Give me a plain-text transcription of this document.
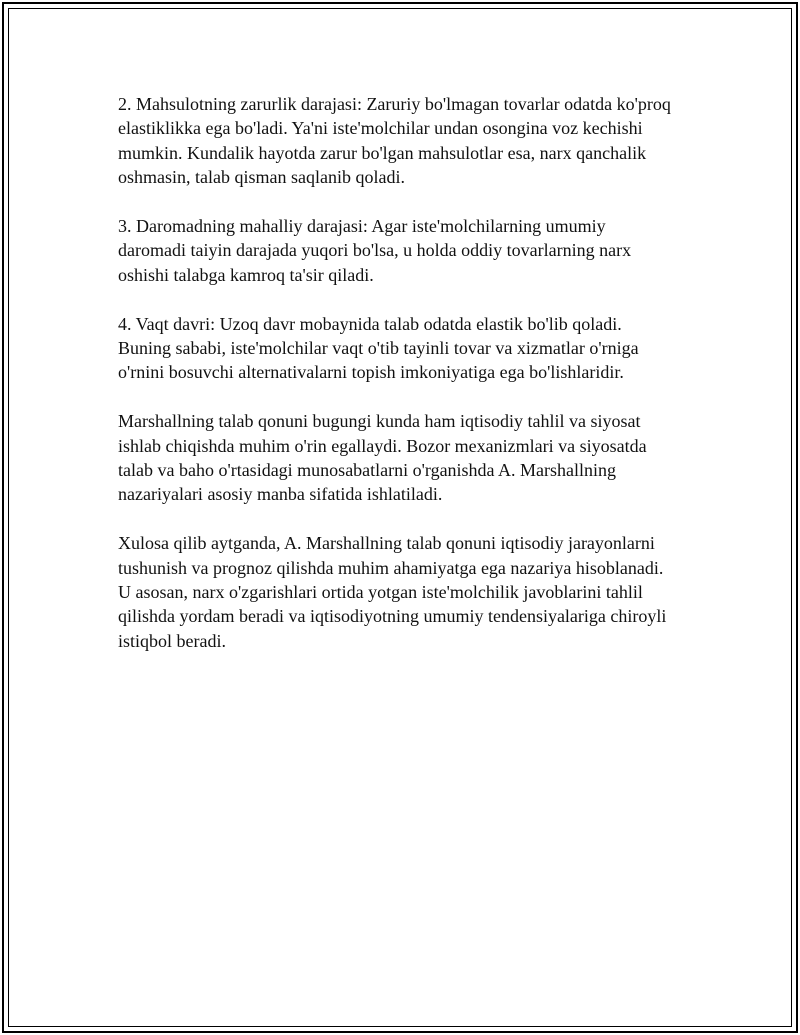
2. Mahsulotning zarurlik darajasi: Zaruriy bo'lmagan tovarlar odatda ko'proq
elastiklikka ega bo'ladi. Ya'ni iste'molchilar undan osongina voz kechishi
mumkin. Kundalik hayotda zarur bo'lgan mahsulotlar esa, narx qanchalik
oshmasin, talab qisman saqlanib qoladi.

3. Daromadning mahalliy darajasi: Agar iste'molchilarning umumiy
daromadi taiyin darajada yuqori bo'lsa, u holda oddiy tovarlarning narx
oshishi talabga kamroq ta'sir qiladi.

4. Vaqt davri: Uzoq davr mobaynida talab odatda elastik bo'lib qoladi.
Buning sababi, iste'molchilar vaqt o'tib tayinli tovar va xizmatlar o'rniga
o'rnini bosuvchi alternativalarni topish imkoniyatiga ega bo'lishlaridir.

Marshallning talab qonuni bugungi kunda ham iqtisodiy tahlil va siyosat
ishlab chiqishda muhim o'rin egallaydi. Bozor mexanizmlari va siyosatda
talab va baho o'rtasidagi munosabatlarni o'rganishda A. Marshallning
nazariyalari asosiy manba sifatida ishlatiladi.

Xulosa qilib aytganda, A. Marshallning talab qonuni iqtisodiy jarayonlarni
tushunish va prognoz qilishda muhim ahamiyatga ega nazariya hisoblanadi.
U asosan, narx o'zgarishlari ortida yotgan iste'molchilik javoblarini tahlil
qilishda yordam beradi va iqtisodiyotning umumiy tendensiyalariga chiroyli
istiqbol beradi.
